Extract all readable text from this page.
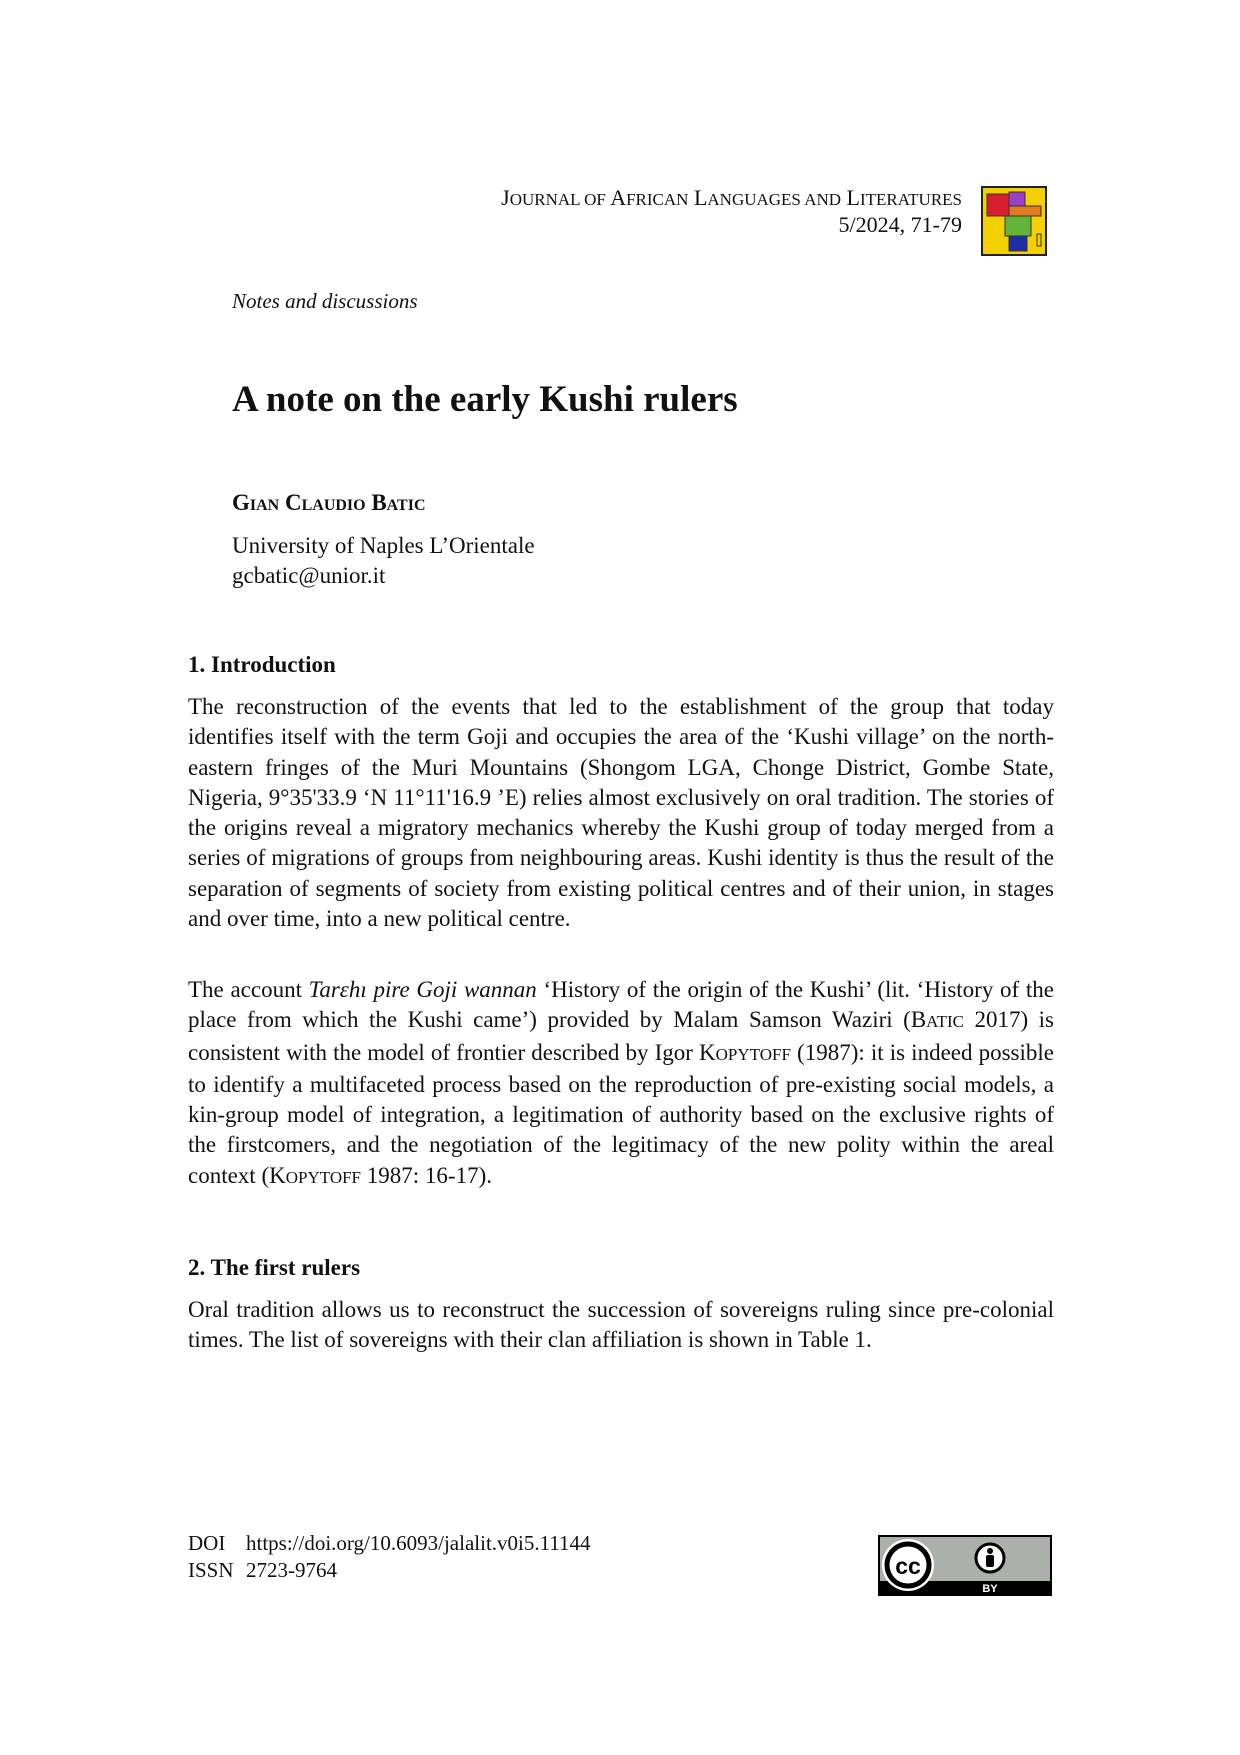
JOURNAL OF AFRICAN LANGUAGES AND LITERATURES
5/2024, 71-79
Notes and discussions
A note on the early Kushi rulers
Gian Claudio Batic
University of Naples L’Orientale
gcbatic@unior.it
1. Introduction

The reconstruction of the events that led to the establishment of the group that today identifies itself with the term Goji and occupies the area of the ‘Kushi village’ on the north-eastern fringes of the Muri Mountains (Shongom LGA, Chonge District, Gombe State, Nigeria, 9°35'33.9 ‘N 11°11'16.9 ’E) relies almost exclusively on oral tradition. The stories of the origins reveal a migratory mechanics whereby the Kushi group of today merged from a series of migrations of groups from neighbouring areas. Kushi identity is thus the result of the separation of segments of society from existing political centres and of their union, in stages and over time, into a new political centre.

The account Tarɛhı pire Goji wannan ‘History of the origin of the Kushi’ (lit. ‘History of the place from which the Kushi came’) provided by Malam Samson Waziri (BATIC 2017) is consistent with the model of frontier described by Igor KOPYTOFF (1987): it is indeed possible to identify a multifaceted process based on the reproduction of pre-existing social models, a kin-group model of integration, a legitimation of authority based on the exclusive rights of the firstcomers, and the negotiation of the legitimacy of the new polity within the areal context (KOPYTOFF 1987: 16-17).

2. The first rulers

Oral tradition allows us to reconstruct the succession of sovereigns ruling since pre-colonial times. The list of sovereigns with their clan affiliation is shown in Table 1.

DOI https://doi.org/10.6093/jalalit.v0i5.11144
ISSN 2723-9764	cc
BY
